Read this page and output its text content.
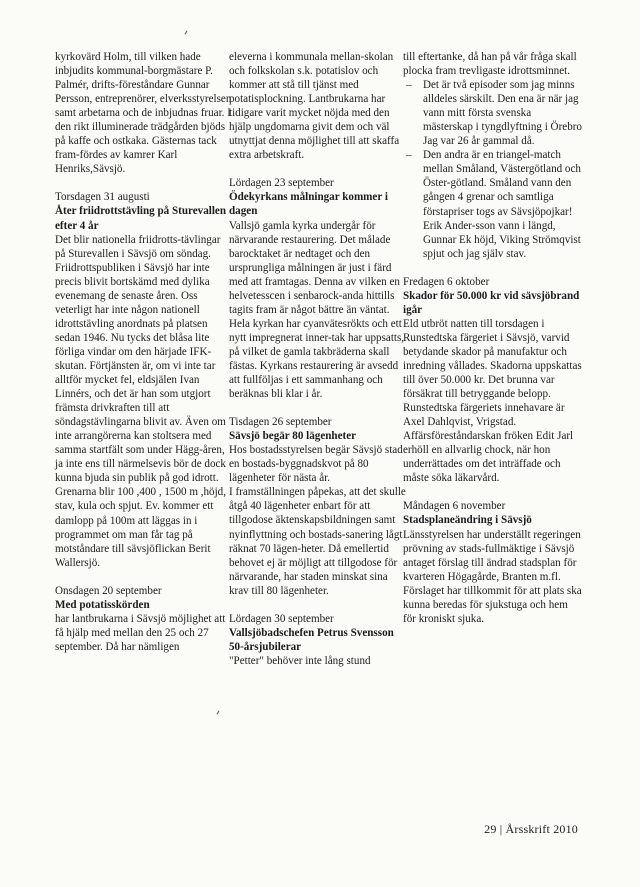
kyrkovärd Holm, till vilken hade inbjudits kommunal-borgmästare P. Palmér, drifts-föreståndare Gunnar Persson, entreprenörer, elverksstyrelsen samt arbetarna och de inbjudnas fruar. I den rikt illuminerade trädgården bjöds på kaffe och ostkaka. Gästernas tack fram-fördes av kamrer Karl Henriks,Sävsjö.

Torsdagen 31 augusti

Åter friidrottstävling på Sturevallen efter 4 år

Det blir nationella friidrotts-tävlingar på Sturevallen i Sävsjö om söndag. Friidrottspubliken i Sävsjö har inte precis blivit bortskämd med dylika evenemang de senaste åren. Oss veterligt har inte någon nationell idrottstävling anordnats på platsen sedan 1946. Nu tycks det blåsa lite förliga vindar om den härjade IFK-skutan. Förtjänsten är, om vi inte tar alltför mycket fel, eldsjälen Ivan Linnérs, och det är han som utgjort främsta drivkraften till att söndagstävlingarna blivit av. Även om inte arrangörerna kan stoltsera med samma startfält som under Hägg-åren, ja inte ens till närmelsevis bör de dock kunna bjuda sin publik på god idrott.

Grenarna blir 100 ,400 , 1500 m ,höjd, stav, kula och spjut. Ev. kommer ett damlopp på 100m att läggas in i programmet om man får tag på motståndare till sävsjöflickan Berit Wallersjö.

Onsdagen 20 september

Med potatisskörden

har lantbrukarna i Sävsjö möjlighet att få hjälp med mellan den 25 och 27 september. Då har nämligen

eleverna i kommunala mellan-skolan och folkskolan s.k. potatislov och kommer att stå till tjänst med potatisplockning. Lantbrukarna har tidigare varit mycket nöjda med den hjälp ungdomarna givit dem och väl utnyttjat denna möjlighet till att skaffa extra arbetskraft.

Lördagen 23 september

Ödekyrkans målningar kommer i dagen

Vallsjö gamla kyrka undergår för närvarande restaurering. Det målade barocktaket är nedtaget och den ursprungliga målningen är just i färd med att framtagas. Denna av vilken en helvetesscen i senbarock-anda hittills tagits fram är något bättre än väntat. Hela kyrkan har cyanvätesrökts och ett nytt impregnerat inner-tak har uppsatts, på vilket de gamla takbräderna skall fästas. Kyrkans restaurering är avsedd att fullföljas i ett sammanhang och beräknas bli klar i år.

Tisdagen 26 september

Sävsjö begär 80 lägenheter

Hos bostadsstyrelsen begär Sävsjö stad en bostads-byggnadskvot på 80 lägenheter för nästa år.

I framställningen påpekas, att det skulle åtgå 40 lägenheter enbart för att tillgodose äktenskapsbildningen samt nyinflyttning och bostads-sanering lågt räknat 70 lägen-heter. Då emellertid behovet ej är möjligt att tillgodose för närvarande, har staden minskat sina krav till 80 lägenheter.

Lördagen 30 september

Vallsjöbadschefen Petrus Svensson 50-årsjubilerar

"Petter" behöver inte lång stund

till eftertanke, då han på vår fråga skall plocka fram trevligaste idrottsminnet.

– Det är två episoder som jag minns alldeles särskilt. Den ena är när jag vann mitt första svenska mästerskap i tyngdlyftning i Örebro Jag var 26 år gammal då.
– Den andra är en triangel-match mellan Småland, Västergötland och Öster-götland. Småland vann den gången 4 grenar och samtliga förstapriser togs av Sävsjöpojkar! Erik Ander-sson vann i längd, Gunnar Ek höjd, Viking Strömqvist spjut och jag själv stav.

Fredagen 6 oktober

Skador för 50.000 kr vid sävsjöbrand igår

Eld utbröt natten till torsdagen i Runstedtska färgeriet i Sävsjö, varvid betydande skador på manufaktur och inredning vållades. Skadorna uppskattas till över 50.000 kr. Det brunna var försäkrat till betryggande belopp. Runstedtska färgeriets innehavare är Axel Dahlqvist, Vrigstad.

Affärsföreståndarskan fröken Edit Jarl erhöll en allvarlig chock, när hon underrättades om det inträffade och måste söka läkarvård.

Måndagen 6 november

Stadsplaneändring i Sävsjö

Länsstyrelsen har underställt regeringen prövning av stads-fullmäktige i Sävsjö antaget förslag till ändrad stadsplan för kvarteren Högagårde, Branten m.fl. Förslaget har tillkommit för att plats ska kunna beredas för sjukstuga och hem för kroniskt sjuka.

29 | Årsskrift 2010
